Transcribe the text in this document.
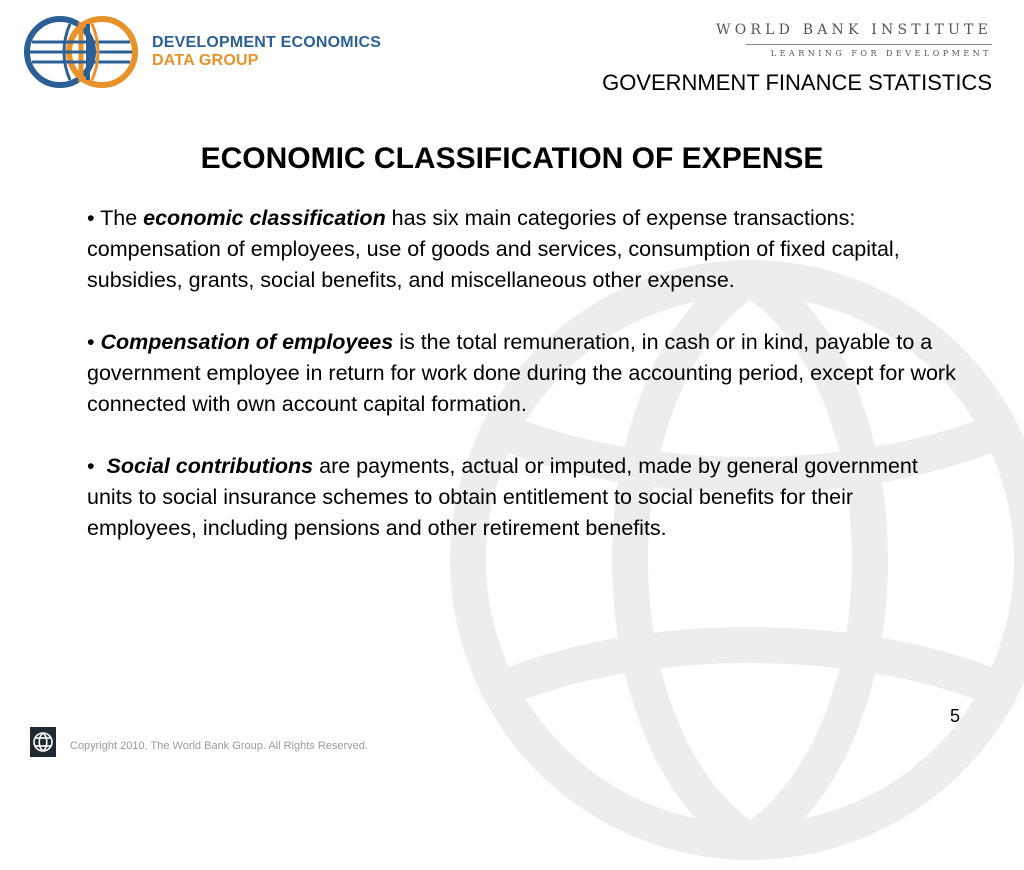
DEVELOPMENT ECONOMICS
DATA GROUP
WORLD BANK INSTITUTE
LEARNING FOR DEVELOPMENT
GOVERNMENT FINANCE STATISTICS
ECONOMIC CLASSIFICATION OF EXPENSE

• The economic classification has six main categories of expense transactions: compensation of employees, use of goods and services, consumption of fixed capital, subsidies, grants, social benefits, and miscellaneous other expense.

• Compensation of employees is the total remuneration, in cash or in kind, payable to a government employee in return for work done during the accounting period, except for work connected with own account capital formation.

•  Social contributions are payments, actual or imputed, made by general government units to social insurance schemes to obtain entitlement to social benefits for their employees, including pensions and other retirement benefits.

5
Copyright 2010, The World Bank Group. All Rights Reserved.
